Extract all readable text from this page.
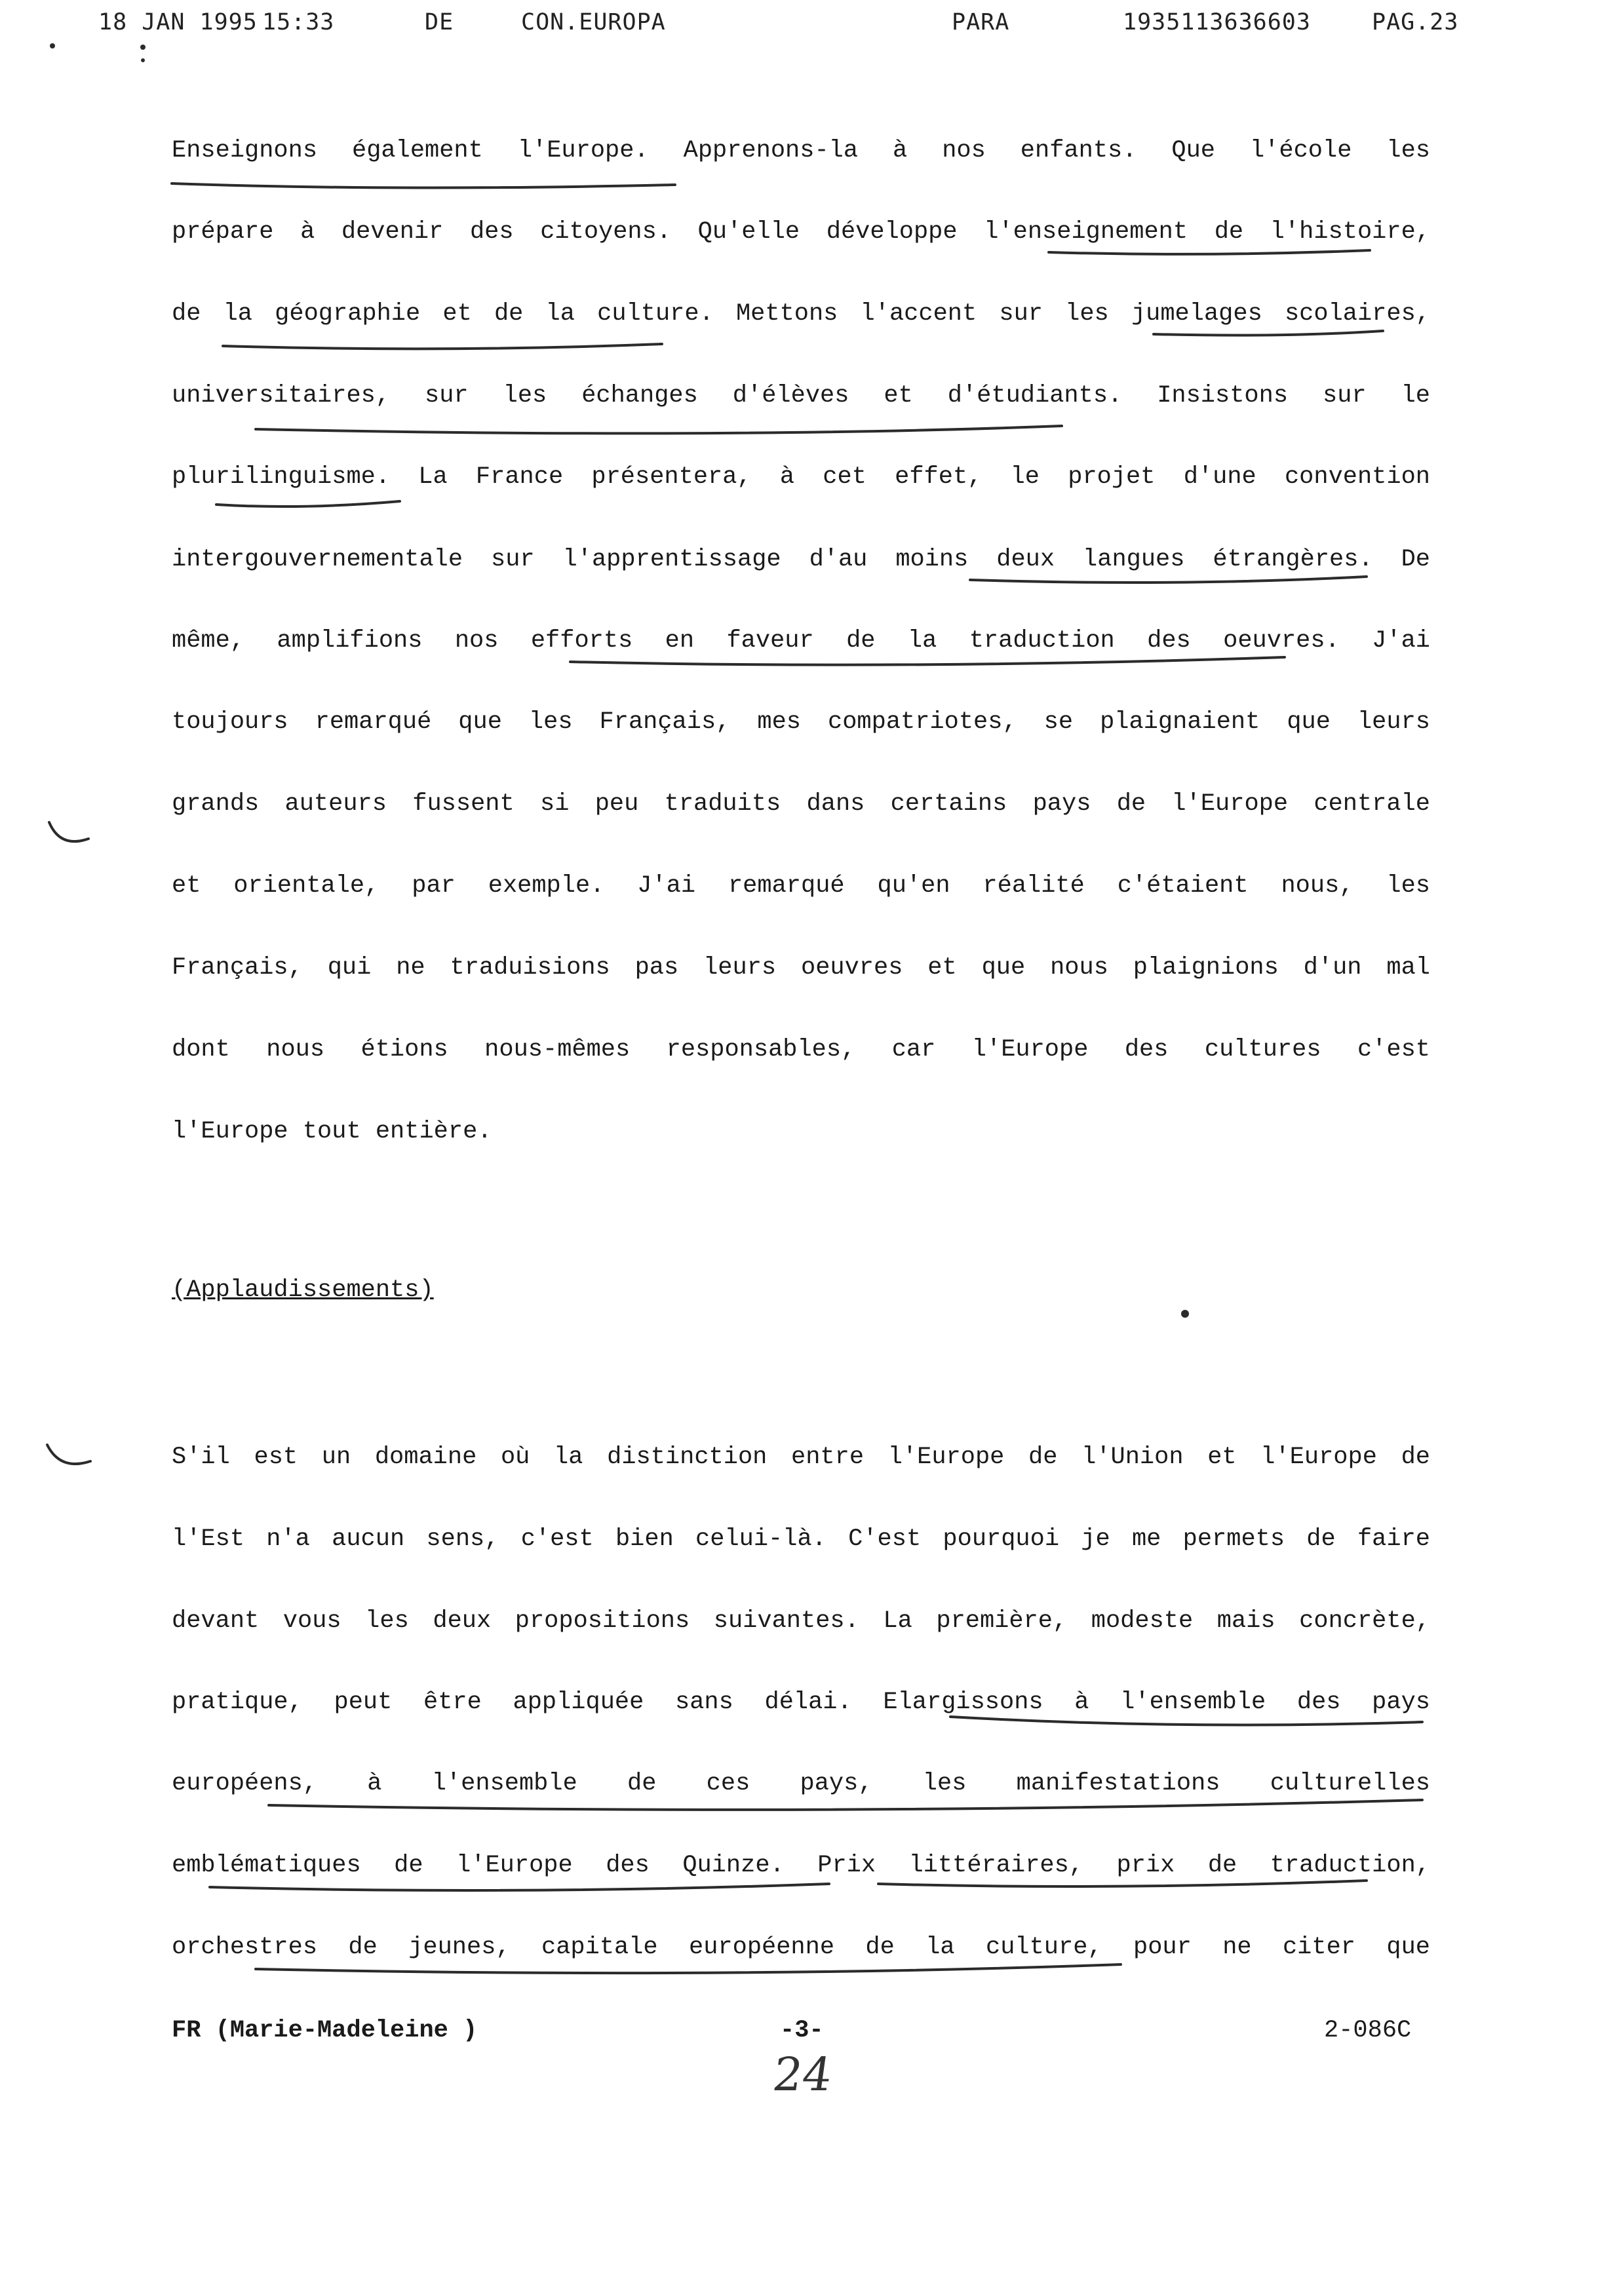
18 JAN 1995 15:33	DE	CON.EUROPA	PARA	1935113636603	PAG.23
Enseignons également l'Europe. Apprenons-la à nos enfants. Que l'école les
prépare à devenir des citoyens. Qu'elle développe l'enseignement de l'histoire,
de la géographie et de la culture. Mettons l'accent sur les jumelages scolaires,
universitaires, sur les échanges d'élèves et d'étudiants. Insistons sur le
plurilinguisme. La France présentera, à cet effet, le projet d'une convention
intergouvernementale sur l'apprentissage d'au moins deux langues étrangères. De
même, amplifions nos efforts en faveur de la traduction des oeuvres. J'ai
toujours remarqué que les Français, mes compatriotes, se plaignaient que leurs
grands auteurs fussent si peu traduits dans certains pays de l'Europe centrale
et orientale, par exemple. J'ai remarqué qu'en réalité c'étaient nous, les
Français, qui ne traduisions pas leurs oeuvres et que nous plaignions d'un mal
dont nous étions nous-mêmes responsables, car l'Europe des cultures c'est
l'Europe tout entière.
(Applaudissements)
S'il est un domaine où la distinction entre l'Europe de l'Union et l'Europe de
l'Est n'a aucun sens, c'est bien celui-là. C'est pourquoi je me permets de faire
devant vous les deux propositions suivantes. La première, modeste mais concrète,
pratique, peut être appliquée sans délai. Elargissons à l'ensemble des pays
européens, à l'ensemble de ces pays, les manifestations culturelles
emblématiques de l'Europe des Quinze. Prix littéraires, prix de traduction,
orchestres de jeunes, capitale européenne de la culture, pour ne citer que
FR (Marie-Madeleine )	-3-	2-086C
24
